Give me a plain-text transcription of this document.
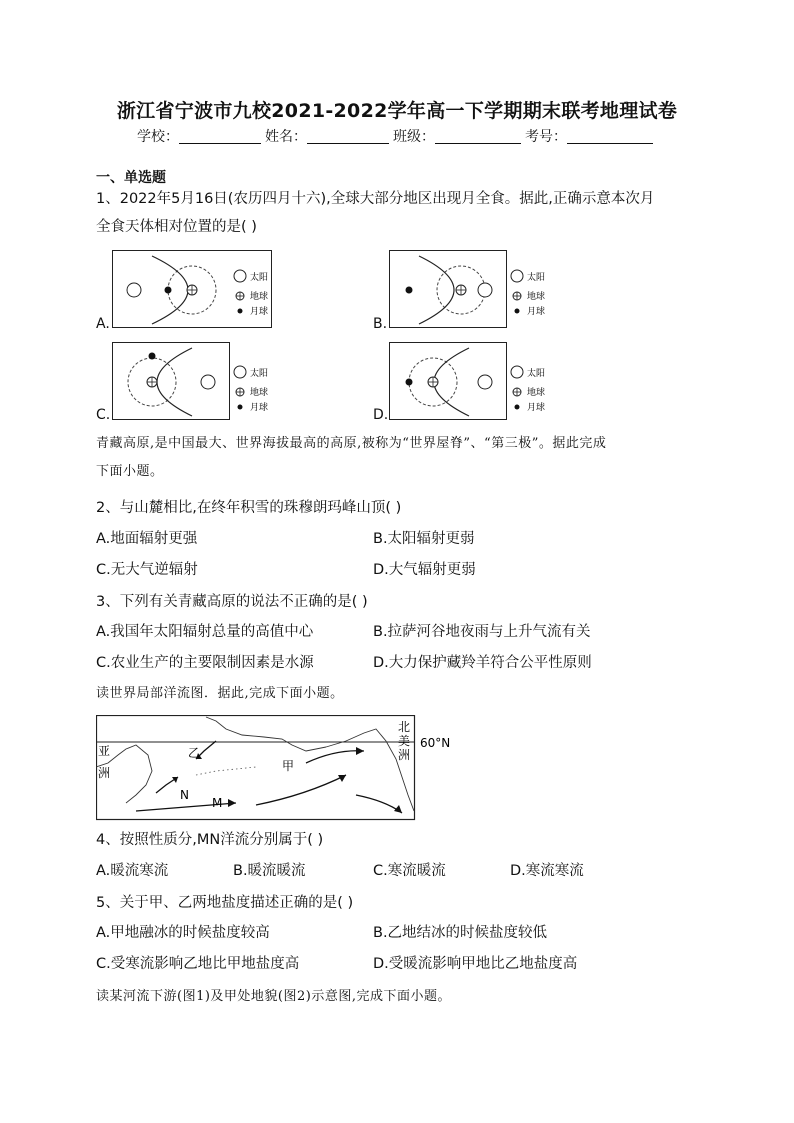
浙江省宁波市九校2021-2022学年高一下学期期末联考地理试卷
学校：	姓名：	班级：	考号：
一、单选题
1、2022年5月16日(农历四月十六),全球大部分地区出现月全食。据此,正确示意本次月
全食天体相对位置的是( )
A.
太阳
地球
月球
B.
太阳
地球
月球
C.
太阳
地球
月球	D.
太阳
地球
月球
青藏高原,是中国最大、世界海拔最高的高原,被称为“世界屋脊”、“第三极”。据此完成
下面小题。
2、与山麓相比,在终年积雪的珠穆朗玛峰山顶( )
A.地面辐射更强	B.太阳辐射更弱
C.无大气逆辐射	D.大气辐射更弱
3、下列有关青藏高原的说法不正确的是( )
A.我国年太阳辐射总量的高值中心	B.拉萨河谷地夜雨与上升气流有关
C.农业生产的主要限制因素是水源	D.大力保护藏羚羊符合公平性原则
读世界局部洋流图．据此,完成下面小题。
亚
洲
北
美
洲
60°N
甲
乙
N
M
4、按照性质分,MN洋流分别属于( )
A.暖流寒流	B.暖流暖流	C.寒流暖流	D.寒流寒流
5、关于甲、乙两地盐度描述正确的是( )
A.甲地融冰的时候盐度较高	B.乙地结冰的时候盐度较低
C.受寒流影响乙地比甲地盐度高	D.受暖流影响甲地比乙地盐度高
读某河流下游(图1)及甲处地貌(图2)示意图,完成下面小题。
